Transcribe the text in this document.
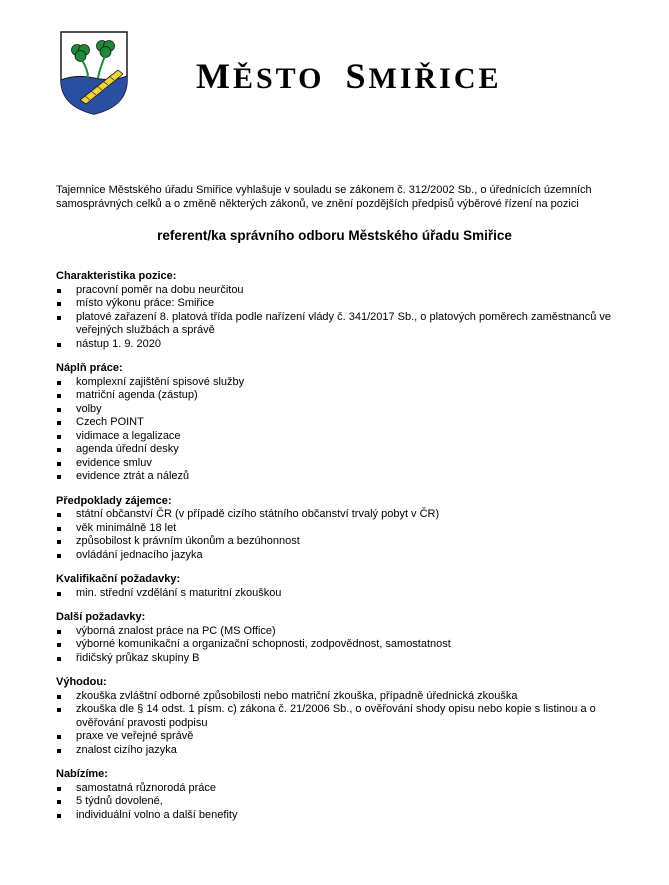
MĚSTO SMIŘICE

Tajemnice Městského úřadu Smiřice vyhlašuje v souladu se zákonem č. 312/2002 Sb., o úřednících územních samosprávných celků a o změně některých zákonů, ve znění pozdějších předpisů výběrové řízení na pozici

referent/ka správního odboru Městského úřadu Smiřice
Charakteristika pozice:
pracovní poměr na dobu neurčitou
místo výkonu práce: Smiřice
platové zařazení 8. platová třída podle nařízení vlády č. 341/2017 Sb., o platových poměrech zaměstnanců ve veřejných službách a správě
nástup 1. 9. 2020
Náplň práce:
komplexní zajištění spisové služby
matriční agenda (zástup)
volby
Czech POINT
vidimace a legalizace
agenda úřední desky
evidence smluv
evidence ztrát a nálezů
Předpoklady zájemce:
státní občanství ČR (v případě cizího státního občanství trvalý pobyt v ČR)
věk minimálně 18 let
způsobilost k právním úkonům a bezúhonnost
ovládání jednacího jazyka
Kvalifikační požadavky:
min. střední vzdělání s maturitní zkouškou
Další požadavky:
výborná znalost práce na PC (MS Office)
výborné komunikační a organizační schopnosti, zodpovědnost, samostatnost
řidičský průkaz skupiny B
Výhodou:
zkouška zvláštní odborné způsobilosti nebo matriční zkouška, případně úřednická zkouška
zkouška dle § 14 odst. 1 písm. c) zákona č. 21/2006 Sb., o ověřování shody opisu nebo kopie s listinou a o ověřování pravosti podpisu
praxe ve veřejné správě
znalost cizího jazyka
Nabízíme:
samostatná různorodá práce
5 týdnů dovolené,
individuální volno a další benefity
